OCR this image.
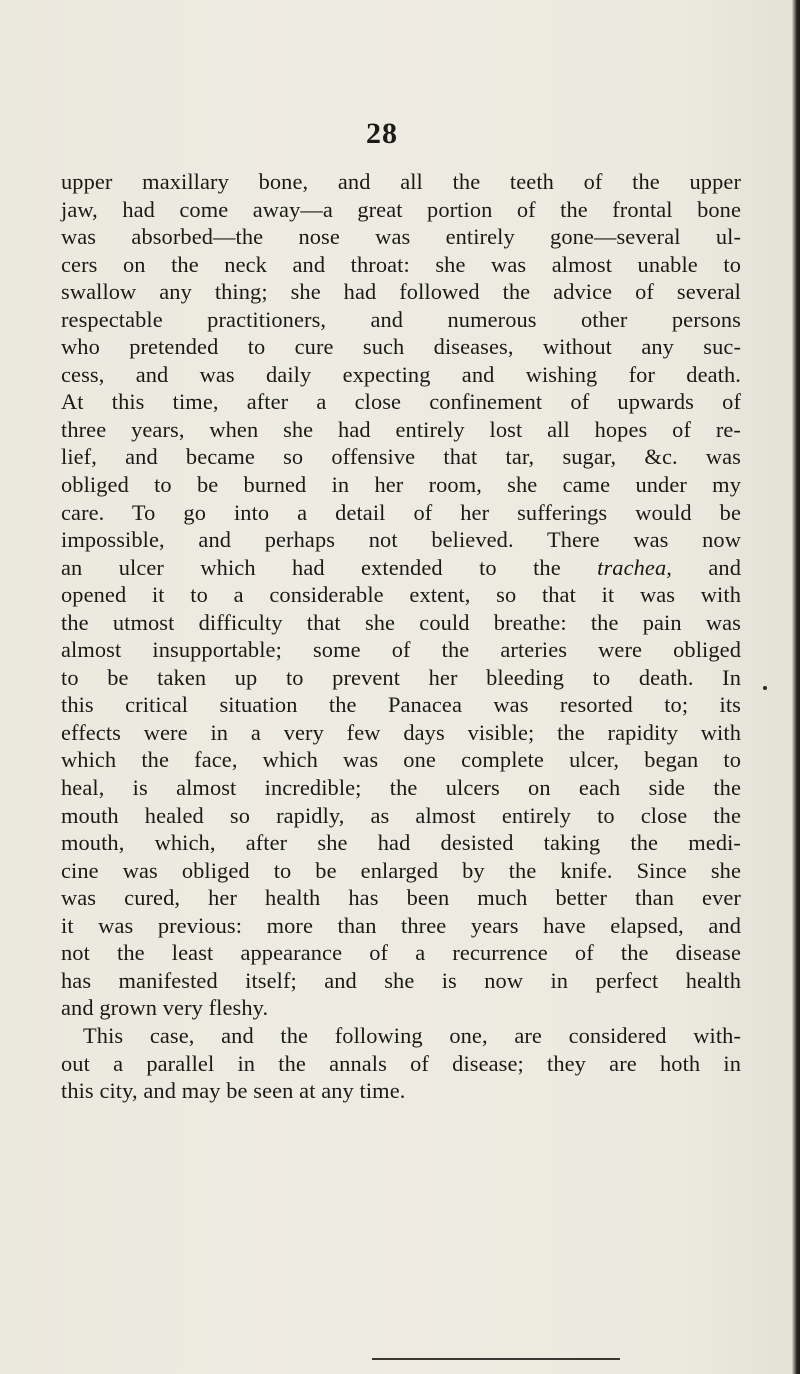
28
upper maxillary bone, and all the teeth of the upper
jaw, had come away—a great portion of the frontal bone
was absorbed—the nose was entirely gone—several ul-
cers on the neck and throat: she was almost unable to
swallow any thing; she had followed the advice of several
respectable practitioners, and numerous other persons
who pretended to cure such diseases, without any suc-
cess, and was daily expecting and wishing for death.
At this time, after a close confinement of upwards of
three years, when she had entirely lost all hopes of re-
lief, and became so offensive that tar, sugar, &c. was
obliged to be burned in her room, she came under my
care. To go into a detail of her sufferings would be
impossible, and perhaps not believed. There was now
an ulcer which had extended to the trachea, and
opened it to a considerable extent, so that it was with
the utmost difficulty that she could breathe: the pain was
almost insupportable; some of the arteries were obliged
to be taken up to prevent her bleeding to death. In
this critical situation the Panacea was resorted to; its
effects were in a very few days visible; the rapidity with
which the face, which was one complete ulcer, began to
heal, is almost incredible; the ulcers on each side the
mouth healed so rapidly, as almost entirely to close the
mouth, which, after she had desisted taking the medi-
cine was obliged to be enlarged by the knife. Since she
was cured, her health has been much better than ever
it was previous: more than three years have elapsed, and
not the least appearance of a recurrence of the disease
has manifested itself; and she is now in perfect health
and grown very fleshy.
This case, and the following one, are considered with-
out a parallel in the annals of disease; they are hoth in
this city, and may be seen at any time.
